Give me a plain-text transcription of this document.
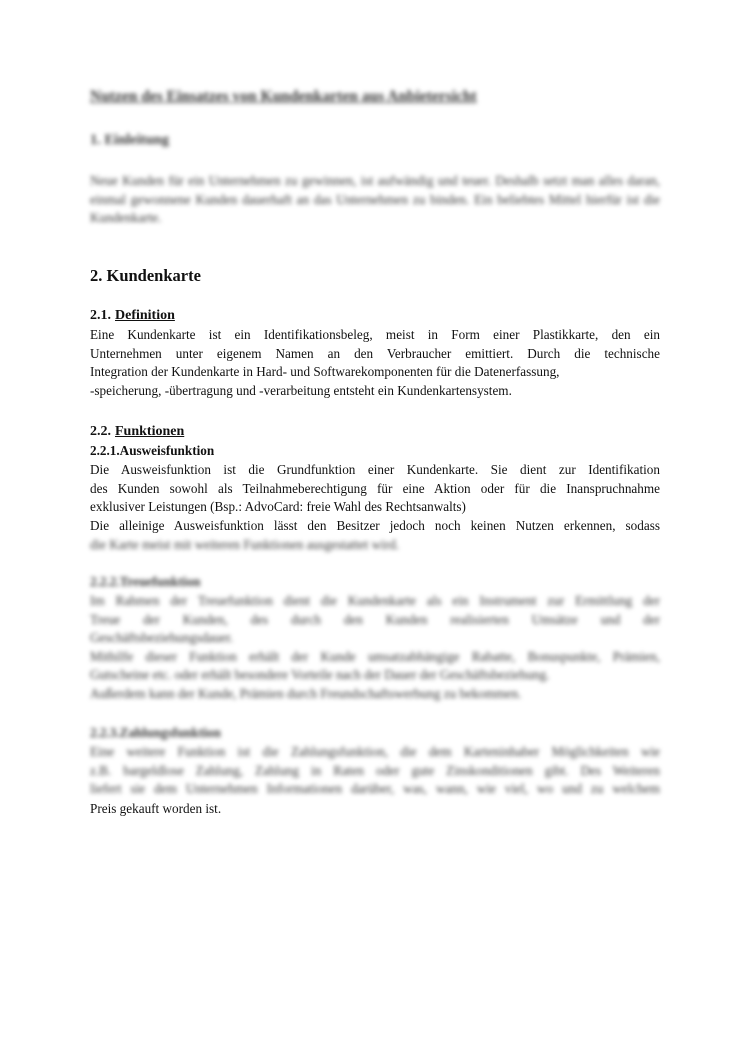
Nutzen des Einsatzes von Kundenkarten aus Anbietersicht
1. Einleitung
Neue Kunden für ein Unternehmen zu gewinnen, ist aufwändig und teuer. Deshalb setzt man alles daran, einmal gewonnene Kunden dauerhaft an das Unternehmen zu binden. Ein beliebtes Mittel hierfür ist die Kundenkarte.
2. Kundenkarte
2.1. Definition
Eine Kundenkarte ist ein Identifikationsbeleg, meist in Form einer Plastikkarte, den ein
Unternehmen unter eigenem Namen an den Verbraucher emittiert. Durch die technische
Integration der Kundenkarte in Hard- und Softwarekomponenten für die Datenerfassung,
-speicherung, -übertragung und -verarbeitung entsteht ein Kundenkartensystem.
2.2. Funktionen
2.2.1.Ausweisfunktion
Die Ausweisfunktion ist die Grundfunktion einer Kundenkarte. Sie dient zur Identifikation
des Kunden sowohl als Teilnahmeberechtigung für eine Aktion oder für die Inanspruchnahme
exklusiver Leistungen (Bsp.: AdvoCard: freie Wahl des Rechtsanwalts)
Die alleinige Ausweisfunktion lässt den Besitzer jedoch noch keinen Nutzen erkennen, sodass
die Karte meist mit weiteren Funktionen ausgestattet wird.
2.2.2.Treuefunktion
Im Rahmen der Treuefunktion dient die Kundenkarte als ein Instrument zur Ermittlung der
Treue der Kunden, des durch den Kunden realisierten Umsätze und der
Geschäftsbeziehungsdauer.
Mithilfe dieser Funktion erhält der Kunde umsatzabhängige Rabatte, Bonuspunkte, Prämien,
Gutscheine etc. oder erhält besondere Vorteile nach der Dauer der Geschäftsbeziehung.
Außerdem kann der Kunde, Prämien durch Freundschaftswerbung zu bekommen.
2.2.3.Zahlungsfunktion
Eine weitere Funktion ist die Zahlungsfunktion, die dem Karteninhaber Möglichkeiten wie
z.B. bargeldlose Zahlung, Zahlung in Raten oder gute Zinskonditionen gibt. Des Weiteren
liefert sie dem Unternehmen Informationen darüber, was, wann, wie viel, wo und zu welchem
Preis gekauft worden ist.
